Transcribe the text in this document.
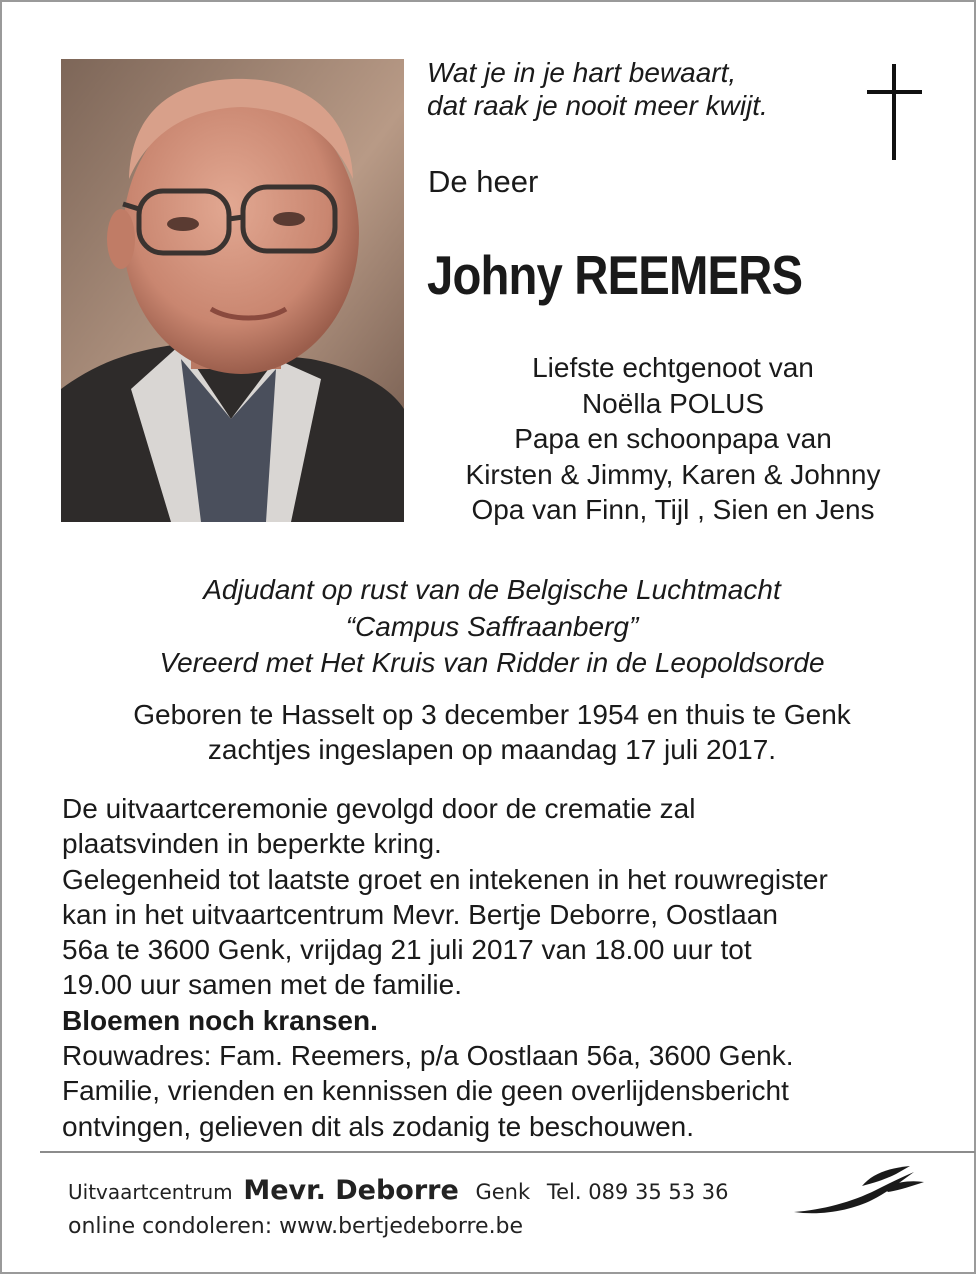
Wat je in je hart bewaart,
dat raak je nooit meer kwijt.
De heer
Johny REEMERS
Liefste echtgenoot van
Noëlla POLUS
Papa en schoonpapa van
Kirsten & Jimmy, Karen & Johnny
Opa van Finn, Tijl , Sien en Jens
Adjudant op rust van de Belgische Luchtmacht
“Campus Saffraanberg”
Vereerd met Het Kruis van Ridder in de Leopoldsorde
Geboren te Hasselt op 3 december 1954 en thuis te Genk
zachtjes ingeslapen op maandag 17 juli 2017.
De uitvaartceremonie gevolgd door de crematie zal
plaatsvinden in beperkte kring.
Gelegenheid tot laatste groet en intekenen in het rouwregister
kan in het uitvaartcentrum Mevr. Bertje Deborre, Oostlaan
56a te 3600 Genk, vrijdag 21 juli 2017 van 18.00 uur tot
19.00 uur samen met de familie.
Bloemen noch kransen.
Rouwadres: Fam. Reemers, p/a Oostlaan 56a, 3600 Genk.
Familie, vrienden en kennissen die geen overlijdensbericht
ontvingen, gelieven dit als zodanig te beschouwen.
Uitvaartcentrum Mevr. Deborre Genk Tel. 089 35 53 36
online condoleren: www.bertjedeborre.be
